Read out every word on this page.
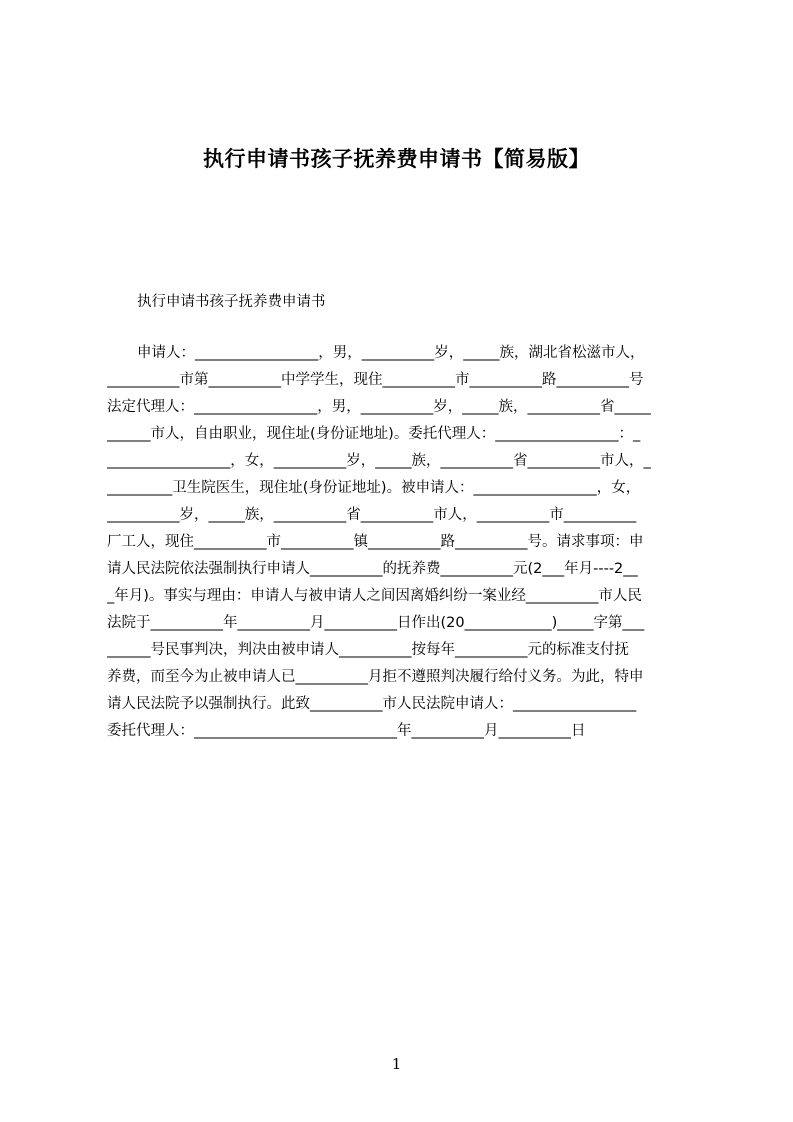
执行申请书孩子抚养费申请书【简易版】
执行申请书孩子抚养费申请书
申请人：_________________，男，__________岁，_____族，湖北省松滋市人，
__________市第__________中学学生，现住__________市__________路__________号
法定代理人：_________________，男，__________岁，_____族，__________省_____
______市人，自由职业，现住址(身份证地址)。委托代理人：_________________：_
_________________，女，__________岁，_____族，__________省__________市人，_
_________卫生院医生，现住址(身份证地址)。被申请人：_________________，女，
__________岁，_____族，__________省__________市人，__________市__________
厂工人，现住__________市__________镇__________路__________号。请求事项：申
请人民法院依法强制执行申请人__________的抚养费__________元(2___年月----2__
_年月)。事实与理由：申请人与被申请人之间因离婚纠纷一案业经__________市人民
法院于__________年__________月__________日作出(20____________)_____字第___
______号民事判决，判决由被申请人__________按每年__________元的标准支付抚
养费，而至今为止被申请人已__________月拒不遵照判决履行给付义务。为此，特申
请人民法院予以强制执行。此致__________市人民法院申请人：_________________
委托代理人：____________________________年__________月__________日
1
